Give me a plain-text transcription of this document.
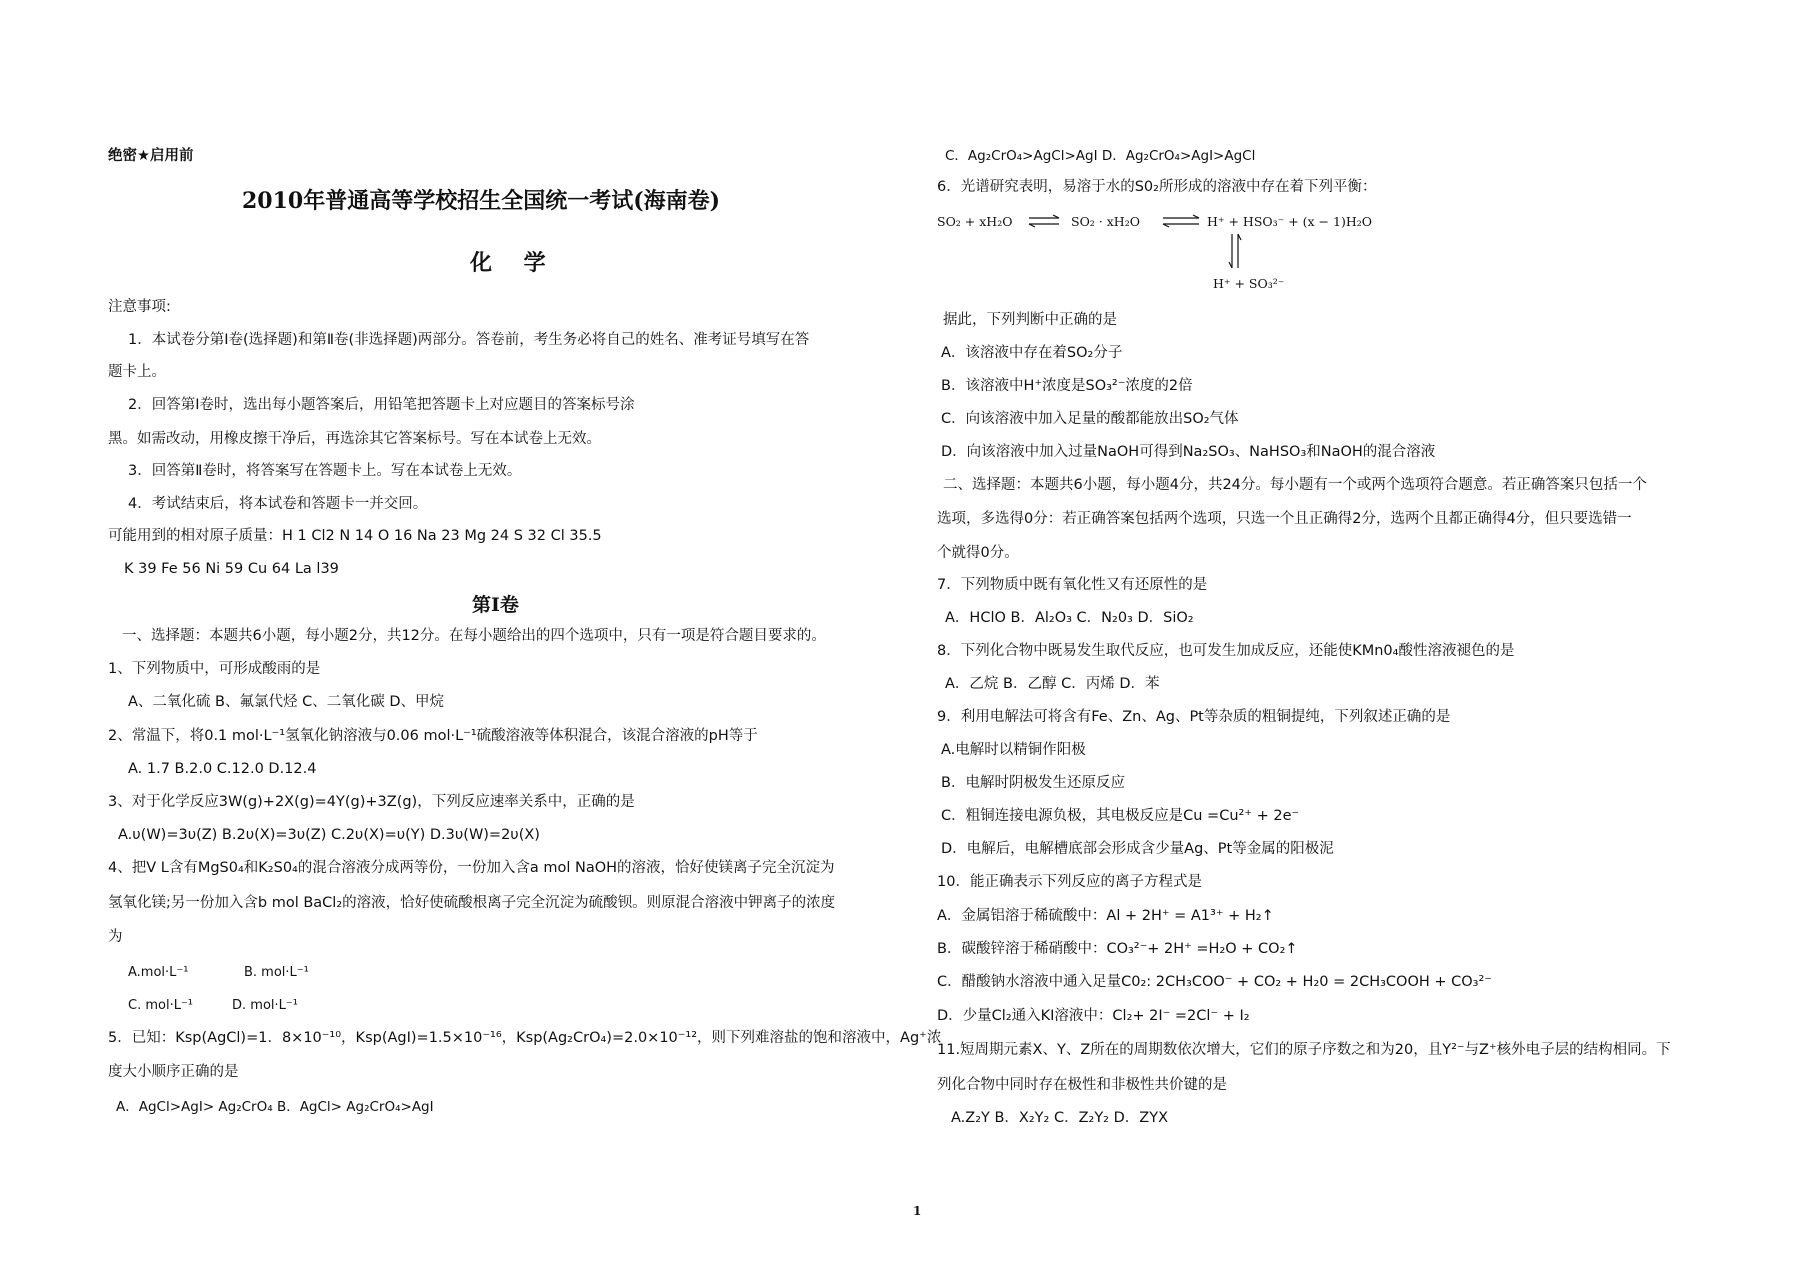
绝密★启用前
2010年普通高等学校招生全国统一考试(海南卷)
化 学
注意事项:
1．本试卷分第Ⅰ卷(选择题)和第Ⅱ卷(非选择题)两部分。答卷前，考生务必将自己的姓名、准考证号填写在答
题卡上。
2．回答第Ⅰ卷时，选出每小题答案后，用铅笔把答题卡上对应题目的答案标号涂
黑。如需改动，用橡皮擦干净后，再选涂其它答案标号。写在本试卷上无效。
3．回答第Ⅱ卷时，将答案写在答题卡上。写在本试卷上无效。
4．考试结束后，将本试卷和答题卡一并交回。
可能用到的相对原子质量：H 1 Cl2 N 14 O 16 Na 23 Mg 24 S 32 Cl 35.5
K 39 Fe 56 Ni 59 Cu 64 La l39
第Ⅰ卷
一、选择题：本题共6小题，每小题2分，共12分。在每小题给出的四个选项中，只有一项是符合题目要求的。
1、下列物质中，可形成酸雨的是
A、二氧化硫 B、氟氯代烃 C、二氧化碳 D、甲烷
2、常温下，将0.1 mol·L⁻¹氢氧化钠溶液与0.06 mol·L⁻¹硫酸溶液等体积混合，该混合溶液的pH等于
A. 1.7 B.2.0 C.12.0 D.12.4
3、对于化学反应3W(g)+2X(g)=4Y(g)+3Z(g)，下列反应速率关系中，正确的是
A.υ(W)=3υ(Z) B.2υ(X)=3υ(Z) C.2υ(X)=υ(Y) D.3υ(W)=2υ(X)
4、把V L含有MgS0₄和K₂S0₄的混合溶液分成两等份，一份加入含a mol NaOH的溶液，恰好使镁离子完全沉淀为
氢氧化镁;另一份加入含b mol BaCl₂的溶液，恰好使硫酸根离子完全沉淀为硫酸钡。则原混合溶液中钾离子的浓度
为
A.mol·L⁻¹	B. mol·L⁻¹
C. mol·L⁻¹	D. mol·L⁻¹
5．已知：Ksp(AgCl)=1．8×10⁻¹⁰，Ksp(AgI)=1.5×10⁻¹⁶，Ksp(Ag₂CrO₄)=2.0×10⁻¹²，则下列难溶盐的饱和溶液中，Ag⁺浓
度大小顺序正确的是
A．AgCl>AgI> Ag₂CrO₄ B．AgCl> Ag₂CrO₄>AgI
C．Ag₂CrO₄>AgCl>AgI D．Ag₂CrO₄>AgI>AgCl
6．光谱研究表明，易溶于水的S0₂所形成的溶液中存在着下列平衡：
SO₂ + xH₂O ⇌ SO₂ · xH₂O ⇌ H⁺ + HSO₃⁻ + (x − 1)H₂O
H⁺ + SO₃²⁻
据此，下列判断中正确的是
A．该溶液中存在着SO₂分子
B．该溶液中H⁺浓度是SO₃²⁻浓度的2倍
C．向该溶液中加入足量的酸都能放出SO₂气体
D．向该溶液中加入过量NaOH可得到Na₂SO₃、NaHSO₃和NaOH的混合溶液
二、选择题：本题共6小题，每小题4分，共24分。每小题有一个或两个选项符合题意。若正确答案只包括一个
选项，多选得0分：若正确答案包括两个选项，只选一个且正确得2分，选两个且都正确得4分，但只要选错一
个就得0分。
7．下列物质中既有氧化性又有还原性的是
A．HClO B．Al₂O₃ C．N₂0₃ D．SiO₂
8．下列化合物中既易发生取代反应，也可发生加成反应，还能使KMn0₄酸性溶液褪色的是
A．乙烷 B．乙醇 C．丙烯 D．苯
9．利用电解法可将含有Fe、Zn、Ag、Pt等杂质的粗铜提纯，下列叙述正确的是
A.电解时以精铜作阳极
B．电解时阴极发生还原反应
C．粗铜连接电源负极，其电极反应是Cu =Cu²⁺ + 2e⁻
D．电解后，电解槽底部会形成含少量Ag、Pt等金属的阳极泥
10．能正确表示下列反应的离子方程式是
A．金属铝溶于稀硫酸中：Al + 2H⁺ = A1³⁺ + H₂↑
B．碳酸锌溶于稀硝酸中：CO₃²⁻+ 2H⁺ =H₂O + CO₂↑
C．醋酸钠水溶液中通入足量C0₂: 2CH₃COO⁻ + CO₂ + H₂0 = 2CH₃COOH + CO₃²⁻
D．少量Cl₂通入KI溶液中：Cl₂+ 2I⁻ =2Cl⁻ + I₂
11.短周期元素X、Y、Z所在的周期数依次增大，它们的原子序数之和为20，且Y²⁻与Z⁺核外电子层的结构相同。下
列化合物中同时存在极性和非极性共价键的是
A.Z₂Y B．X₂Y₂ C．Z₂Y₂ D．ZYX
1
